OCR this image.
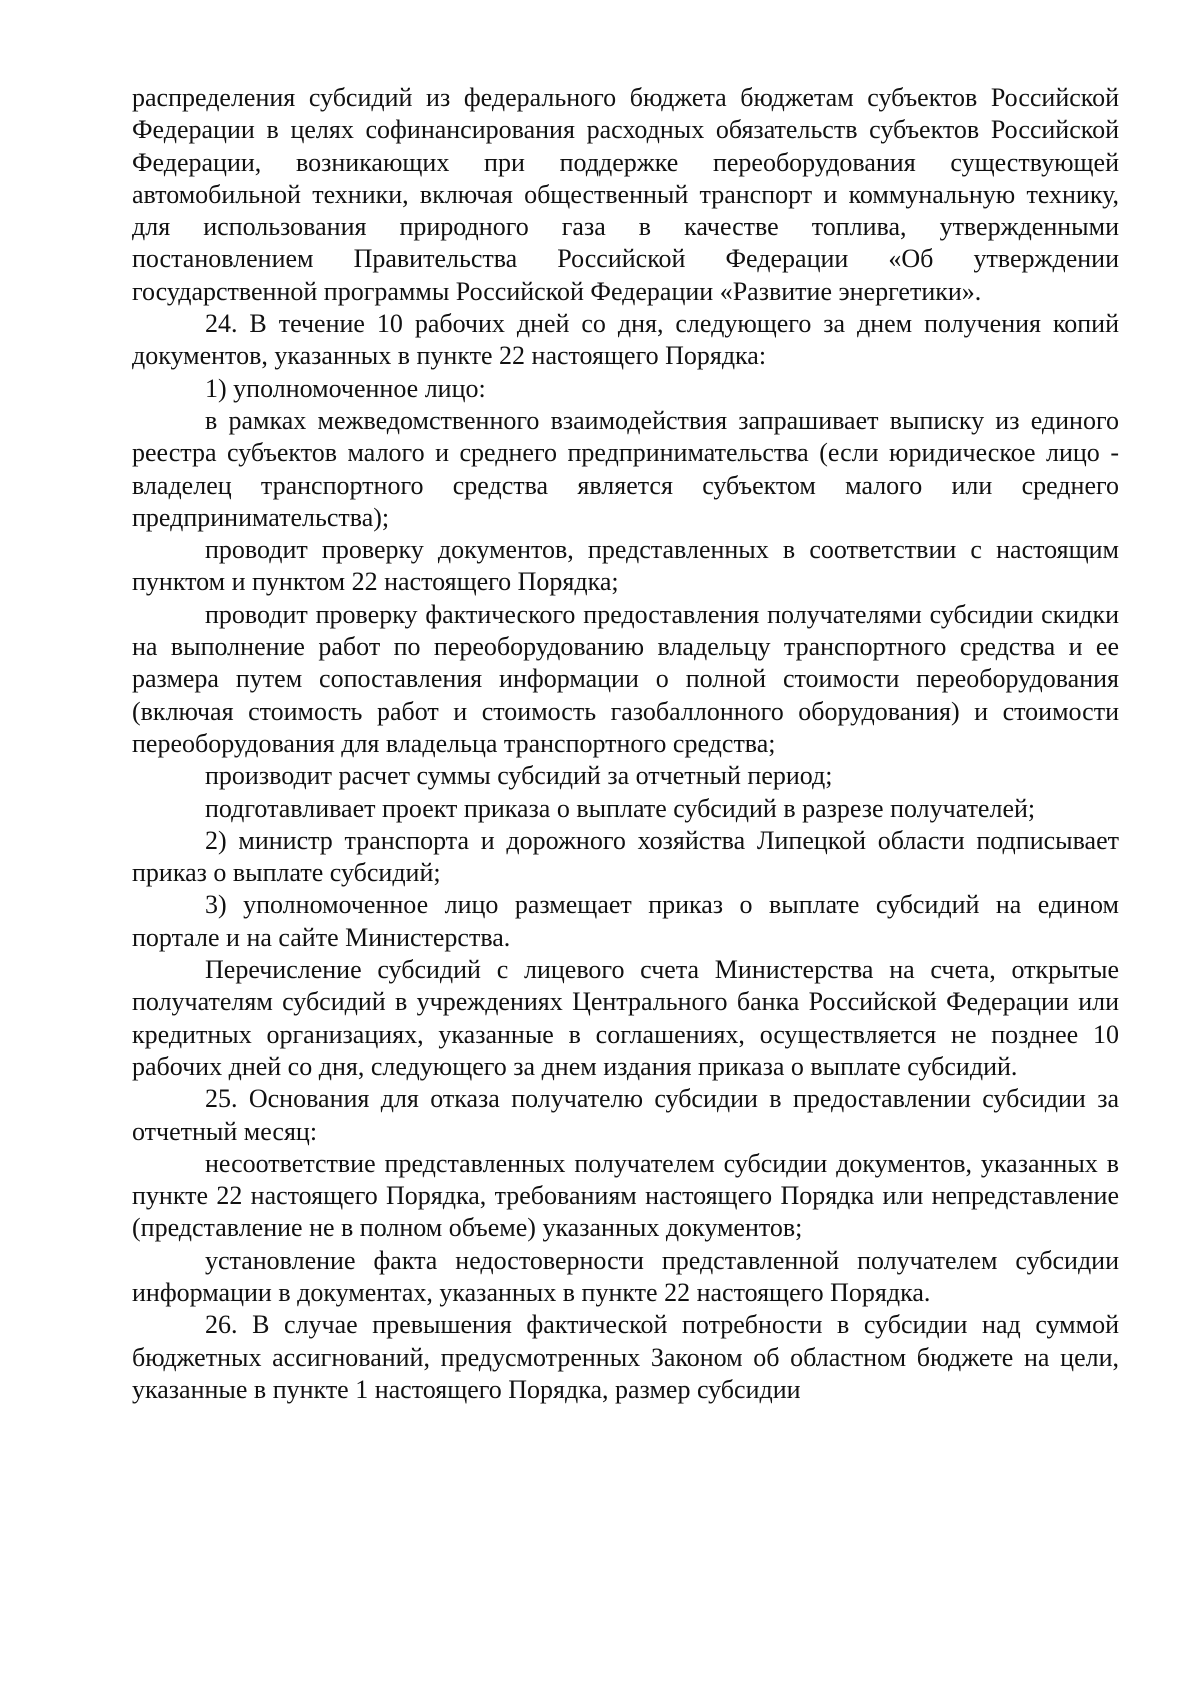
распределения субсидий из федерального бюджета бюджетам субъектов Российской Федерации в целях софинансирования расходных обязательств субъектов Российской Федерации, возникающих при поддержке переоборудования существующей автомобильной техники, включая общественный транспорт и коммунальную технику, для использования природного газа в качестве топлива, утвержденными постановлением Правительства Российской Федерации «Об утверждении государственной программы Российской Федерации «Развитие энергетики».

24. В течение 10 рабочих дней со дня, следующего за днем получения копий документов, указанных в пункте 22 настоящего Порядка:

1) уполномоченное лицо:

в рамках межведомственного взаимодействия запрашивает выписку из единого реестра субъектов малого и среднего предпринимательства (если юридическое лицо - владелец транспортного средства является субъектом малого или среднего предпринимательства);

проводит проверку документов, представленных в соответствии с настоящим пунктом и пунктом 22 настоящего Порядка;

проводит проверку фактического предоставления получателями субсидии скидки на выполнение работ по переоборудованию владельцу транспортного средства и ее размера путем сопоставления информации о полной стоимости переоборудования (включая стоимость работ и стоимость газобаллонного оборудования) и стоимости переоборудования для владельца транспортного средства;

производит расчет суммы субсидий за отчетный период;

подготавливает проект приказа о выплате субсидий в разрезе получателей;

2) министр транспорта и дорожного хозяйства Липецкой области подписывает приказ о выплате субсидий;

3) уполномоченное лицо размещает приказ о выплате субсидий на едином портале и на сайте Министерства.

Перечисление субсидий с лицевого счета Министерства на счета, открытые получателям субсидий в учреждениях Центрального банка Российской Федерации или кредитных организациях, указанные в соглашениях, осуществляется не позднее 10 рабочих дней со дня, следующего за днем издания приказа о выплате субсидий.

25. Основания для отказа получателю субсидии в предоставлении субсидии за отчетный месяц:

несоответствие представленных получателем субсидии документов, указанных в пункте 22 настоящего Порядка, требованиям настоящего Порядка или непредставление (представление не в полном объеме) указанных документов;

установление факта недостоверности представленной получателем субсидии информации в документах, указанных в пункте 22 настоящего Порядка.

26. В случае превышения фактической потребности в субсидии над суммой бюджетных ассигнований, предусмотренных Законом об областном бюджете на цели, указанные в пункте 1 настоящего Порядка, размер субсидии
